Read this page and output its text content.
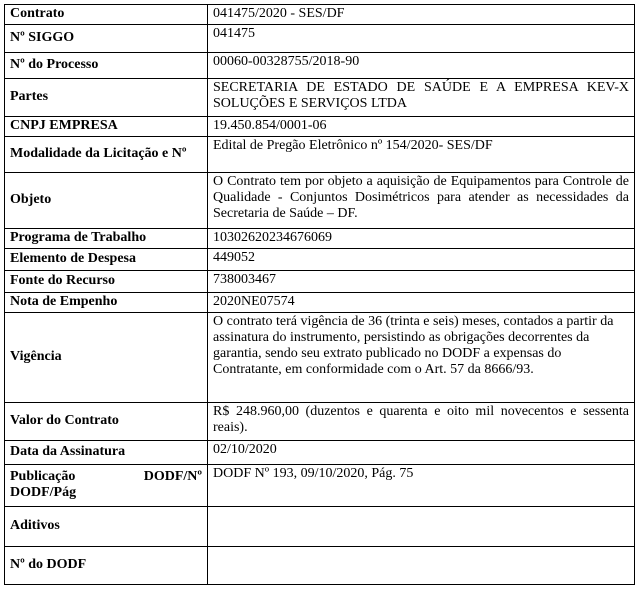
Contrato	041475/2020 - SES/DF
Nº SIGGO	041475
Nº do Processo	00060-00328755/2018-90
Partes	SECRETARIA DE ESTADO DE SAÚDE E A EMPRESA KEV-X SOLUÇÕES E SERVIÇOS LTDA
CNPJ EMPRESA	19.450.854/0001-06
Modalidade da Licitação e Nº	Edital de Pregão Eletrônico nº 154/2020- SES/DF
Objeto	O Contrato tem por objeto a aquisição de Equipamentos para Controle de Qualidade - Conjuntos Dosimétricos para atender as necessidades da Secretaria de Saúde – DF.
Programa de Trabalho	10302620234676069
Elemento de Despesa	449052
Fonte do Recurso	738003467
Nota de Empenho	2020NE07574
Vigência	O contrato terá vigência de 36 (trinta e seis) meses, contados a partir da assinatura do instrumento, persistindo as obrigações decorrentes da garantia, sendo seu extrato publicado no DODF a expensas do Contratante, em conformidade com o Art. 57 da 8666/93.
Valor do Contrato	R$ 248.960,00 (duzentos e quarenta e oito mil novecentos e sessenta reais).
Data da Assinatura	02/10/2020

Publicação DODF/Nº
DODF/Pág	DODF Nº 193, 09/10/2020, Pág. 75
Aditivos	
Nº do DODF	
